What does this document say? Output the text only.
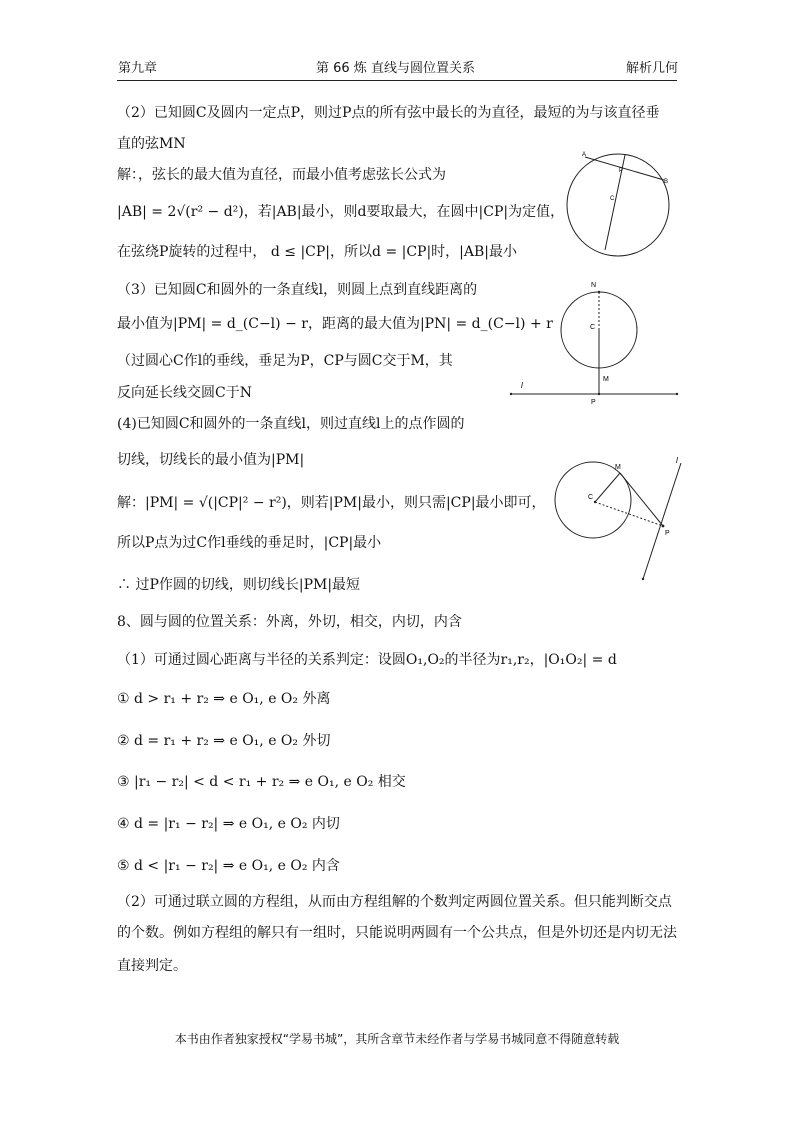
第九章	第 66 炼 直线与圆位置关系	解析几何
（2）已知圆C及圆内一定点P，则过P点的所有弦中最长的为直径，最短的为与该直径垂
直的弦MN
解：，弦长的最大值为直径，而最小值考虑弦长公式为
|AB| = 2√(r² − d²)，若|AB|最小，则d要取最大，在圆中|CP|为定值，
在弦绕P旋转的过程中， d ≤ |CP|，所以d = |CP|时，|AB|最小
（3）已知圆C和圆外的一条直线l，则圆上点到直线距离的
最小值为|PM| = d_(C−l) − r，距离的最大值为|PN| = d_(C−l) + r
（过圆心C作l的垂线，垂足为P，CP与圆C交于M，其
反向延长线交圆C于N
(4)已知圆C和圆外的一条直线l，则过直线l上的点作圆的
切线，切线长的最小值为|PM|
解：|PM| = √(|CP|² − r²)，则若|PM|最小，则只需|CP|最小即可，
所以P点为过C作l垂线的垂足时，|CP|最小
∴ 过P作圆的切线，则切线长|PM|最短
8、圆与圆的位置关系：外离，外切，相交，内切，内含
（1）可通过圆心距离与半径的关系判定：设圆O₁,O₂的半径为r₁,r₂，|O₁O₂| = d
① d > r₁ + r₂ ⇒ e O₁, e O₂ 外离
② d = r₁ + r₂ ⇒ e O₁, e O₂ 外切
③ |r₁ − r₂| < d < r₁ + r₂ ⇒ e O₁, e O₂ 相交
④ d = |r₁ − r₂| ⇒ e O₁, e O₂ 内切
⑤ d < |r₁ − r₂| ⇒ e O₁, e O₂ 内含
（2）可通过联立圆的方程组，从而由方程组解的个数判定两圆位置关系。但只能判断交点
的个数。例如方程组的解只有一组时，只能说明两圆有一个公共点，但是外切还是内切无法
直接判定。
A
P
B
C
N
C
M
P
l
M
C
P
l
本书由作者独家授权“学易书城”，其所含章节未经作者与学易书城同意不得随意转载
